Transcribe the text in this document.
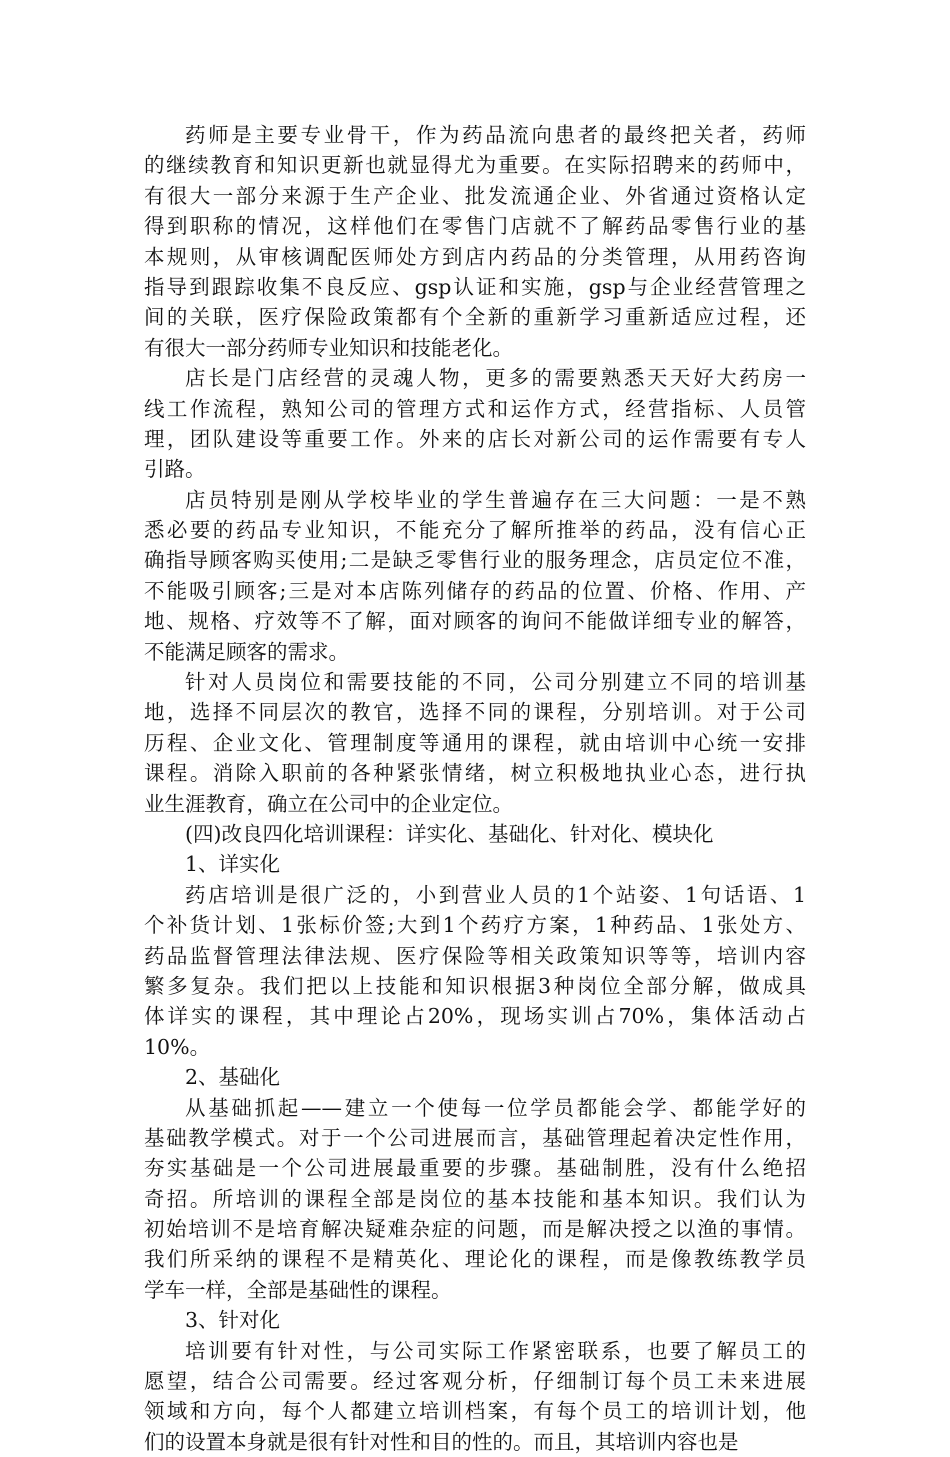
药师是主要专业骨干，作为药品流向患者的最终把关者，药师
的继续教育和知识更新也就显得尤为重要。在实际招聘来的药师中，
有很大一部分来源于生产企业、批发流通企业、外省通过资格认定
得到职称的情况，这样他们在零售门店就不了解药品零售行业的基
本规则，从审核调配医师处方到店内药品的分类管理，从用药咨询
指导到跟踪收集不良反应、gsp认证和实施，gsp与企业经营管理之
间的关联，医疗保险政策都有个全新的重新学习重新适应过程，还
有很大一部分药师专业知识和技能老化。
店长是门店经营的灵魂人物，更多的需要熟悉天天好大药房一
线工作流程，熟知公司的管理方式和运作方式，经营指标、人员管
理，团队建设等重要工作。外来的店长对新公司的运作需要有专人
引路。
店员特别是刚从学校毕业的学生普遍存在三大问题：一是不熟
悉必要的药品专业知识，不能充分了解所推举的药品，没有信心正
确指导顾客购买使用;二是缺乏零售行业的服务理念，店员定位不准，
不能吸引顾客;三是对本店陈列储存的药品的位置、价格、作用、产
地、规格、疗效等不了解，面对顾客的询问不能做详细专业的解答，
不能满足顾客的需求。
针对人员岗位和需要技能的不同，公司分别建立不同的培训基
地，选择不同层次的教官，选择不同的课程，分别培训。对于公司
历程、企业文化、管理制度等通用的课程，就由培训中心统一安排
课程。消除入职前的各种紧张情绪，树立积极地执业心态，进行执
业生涯教育，确立在公司中的企业定位。
(四)改良四化培训课程：详实化、基础化、针对化、模块化
1、详实化
药店培训是很广泛的，小到营业人员的1个站姿、1句话语、1
个补货计划、1张标价签;大到1个药疗方案，1种药品、1张处方、
药品监督管理法律法规、医疗保险等相关政策知识等等，培训内容
繁多复杂。我们把以上技能和知识根据3种岗位全部分解，做成具
体详实的课程，其中理论占20%，现场实训占70%，集体活动占
10%。
2、基础化
从基础抓起——建立一个使每一位学员都能会学、都能学好的
基础教学模式。对于一个公司进展而言，基础管理起着决定性作用，
夯实基础是一个公司进展最重要的步骤。基础制胜，没有什么绝招
奇招。所培训的课程全部是岗位的基本技能和基本知识。我们认为
初始培训不是培育解决疑难杂症的问题，而是解决授之以渔的事情。
我们所采纳的课程不是精英化、理论化的课程，而是像教练教学员
学车一样，全部是基础性的课程。
3、针对化
培训要有针对性，与公司实际工作紧密联系，也要了解员工的
愿望，结合公司需要。经过客观分析，仔细制订每个员工未来进展
领域和方向，每个人都建立培训档案，有每个员工的培训计划，他
们的设置本身就是很有针对性和目的性的。而且，其培训内容也是
